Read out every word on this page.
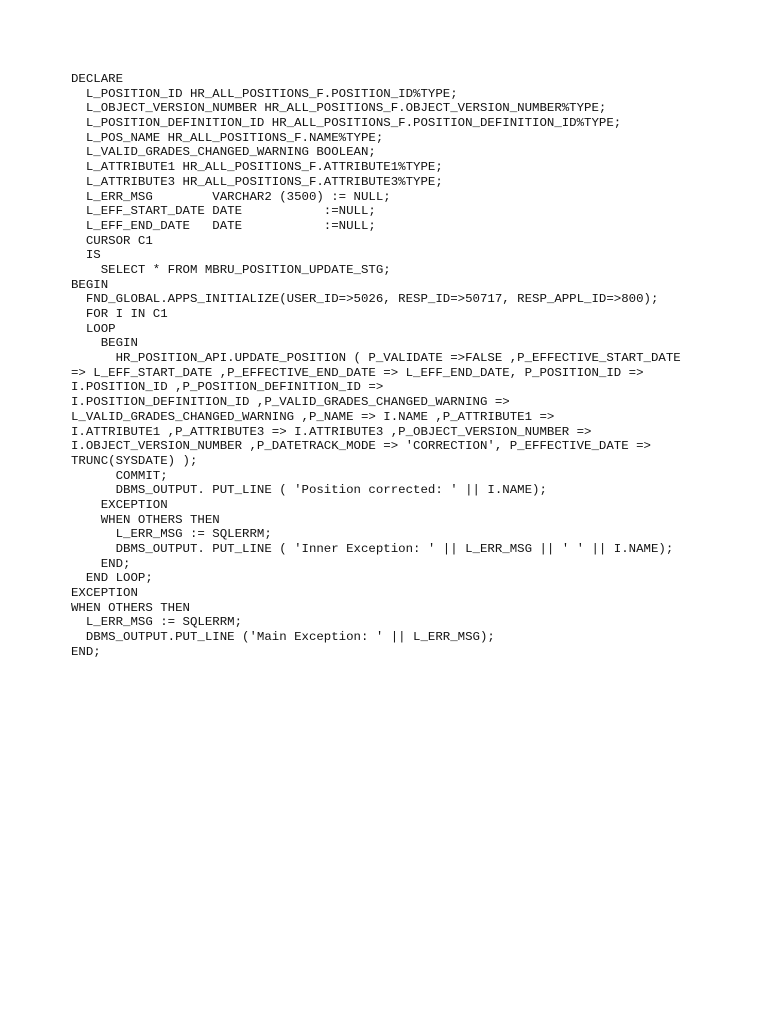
DECLARE
L_POSITION_ID HR_ALL_POSITIONS_F.POSITION_ID%TYPE;
L_OBJECT_VERSION_NUMBER HR_ALL_POSITIONS_F.OBJECT_VERSION_NUMBER%TYPE;
L_POSITION_DEFINITION_ID HR_ALL_POSITIONS_F.POSITION_DEFINITION_ID%TYPE;
L_POS_NAME HR_ALL_POSITIONS_F.NAME%TYPE;
L_VALID_GRADES_CHANGED_WARNING BOOLEAN;
L_ATTRIBUTE1 HR_ALL_POSITIONS_F.ATTRIBUTE1%TYPE;
L_ATTRIBUTE3 HR_ALL_POSITIONS_F.ATTRIBUTE3%TYPE;
L_ERR_MSG        VARCHAR2 (3500) := NULL;
L_EFF_START_DATE DATE           :=NULL;
L_EFF_END_DATE   DATE           :=NULL;
CURSOR C1
IS
SELECT * FROM MBRU_POSITION_UPDATE_STG;
BEGIN
FND_GLOBAL.APPS_INITIALIZE(USER_ID=>5026, RESP_ID=>50717, RESP_APPL_ID=>800);
FOR I IN C1
LOOP
BEGIN
HR_POSITION_API.UPDATE_POSITION ( P_VALIDATE =>FALSE ,P_EFFECTIVE_START_DATE
=> L_EFF_START_DATE ,P_EFFECTIVE_END_DATE => L_EFF_END_DATE, P_POSITION_ID =>
I.POSITION_ID ,P_POSITION_DEFINITION_ID =>
I.POSITION_DEFINITION_ID ,P_VALID_GRADES_CHANGED_WARNING =>
L_VALID_GRADES_CHANGED_WARNING ,P_NAME => I.NAME ,P_ATTRIBUTE1 =>
I.ATTRIBUTE1 ,P_ATTRIBUTE3 => I.ATTRIBUTE3 ,P_OBJECT_VERSION_NUMBER =>
I.OBJECT_VERSION_NUMBER ,P_DATETRACK_MODE => 'CORRECTION', P_EFFECTIVE_DATE =>
TRUNC(SYSDATE) );
COMMIT;
DBMS_OUTPUT. PUT_LINE ( 'Position corrected: ' || I.NAME);
EXCEPTION
WHEN OTHERS THEN
L_ERR_MSG := SQLERRM;
DBMS_OUTPUT. PUT_LINE ( 'Inner Exception: ' || L_ERR_MSG || ' ' || I.NAME);
END;
END LOOP;
EXCEPTION
WHEN OTHERS THEN
L_ERR_MSG := SQLERRM;
DBMS_OUTPUT.PUT_LINE ('Main Exception: ' || L_ERR_MSG);
END;
